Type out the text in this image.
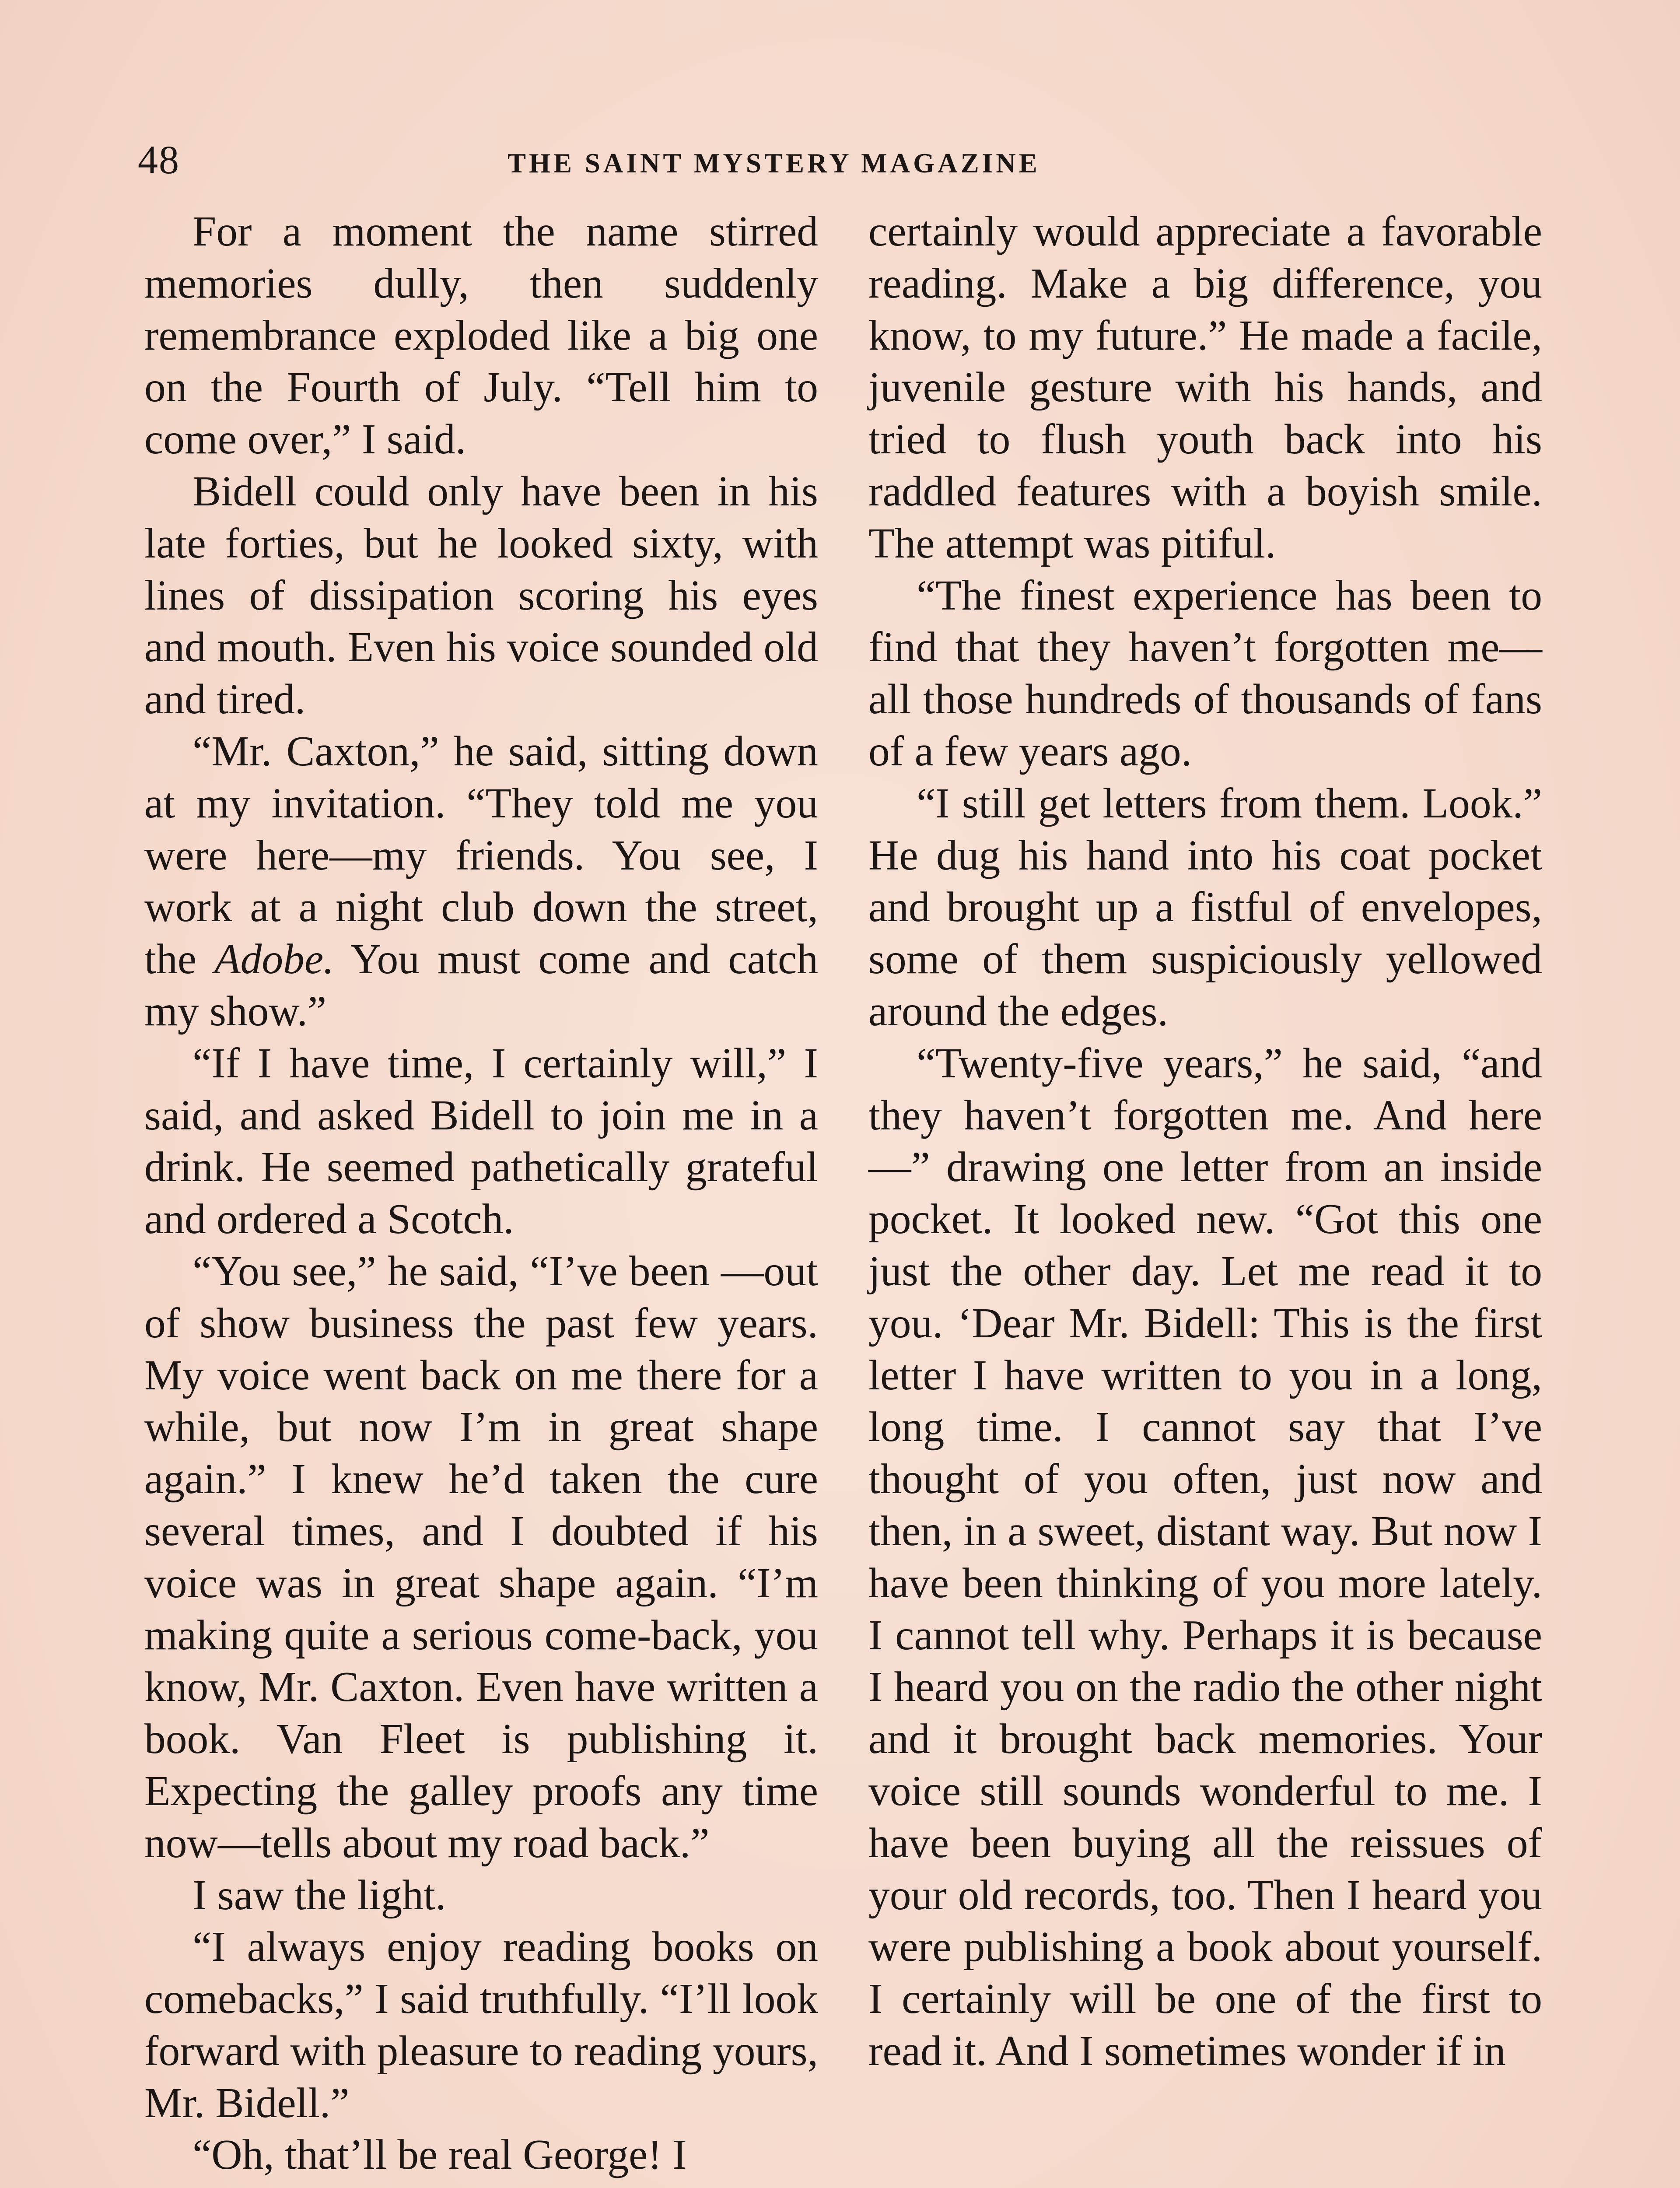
48	THE SAINT MYSTERY MAGAZINE

For a moment the name stirred memories dully, then suddenly remembrance exploded like a big one on the Fourth of July. “Tell him to come over,” I said.

Bidell could only have been in his late forties, but he looked sixty, with lines of dissipation scoring his eyes and mouth. Even his voice sounded old and tired.

“Mr. Caxton,” he said, sitting down at my invitation. “They told me you were here—my friends. You see, I work at a night club down the street, the Adobe. You must come and catch my show.”

“If I have time, I certainly will,” I said, and asked Bidell to join me in a drink. He seemed pathetically grateful and ordered a Scotch.

“You see,” he said, “I’ve been —out of show business the past few years. My voice went back on me there for a while, but now I’m in great shape again.” I knew he’d taken the cure several times, and I doubted if his voice was in great shape again. “I’m making quite a serious come-back, you know, Mr. Caxton. Even have written a book. Van Fleet is publishing it. Expecting the galley proofs any time now—tells about my road back.”

I saw the light.

“I always enjoy reading books on comebacks,” I said truthfully. “I’ll look forward with pleasure to reading yours, Mr. Bidell.”

“Oh, that’ll be real George! I

certainly would appreciate a favorable reading. Make a big difference, you know, to my future.” He made a facile, juvenile gesture with his hands, and tried to flush youth back into his raddled features with a boyish smile. The attempt was pitiful.

“The finest experience has been to find that they haven’t forgotten me—all those hundreds of thousands of fans of a few years ago.

“I still get letters from them. Look.” He dug his hand into his coat pocket and brought up a fistful of envelopes, some of them suspiciously yellowed around the edges.

“Twenty-five years,” he said, “and they haven’t forgotten me. And here—” drawing one letter from an inside pocket. It looked new. “Got this one just the other day. Let me read it to you. ‘Dear Mr. Bidell: This is the first letter I have written to you in a long, long time. I cannot say that I’ve thought of you often, just now and then, in a sweet, distant way. But now I have been thinking of you more lately. I cannot tell why. Perhaps it is because I heard you on the radio the other night and it brought back memories. Your voice still sounds wonderful to me. I have been buying all the reissues of your old records, too. Then I heard you were publishing a book about yourself. I certainly will be one of the first to read it. And I sometimes wonder if in
